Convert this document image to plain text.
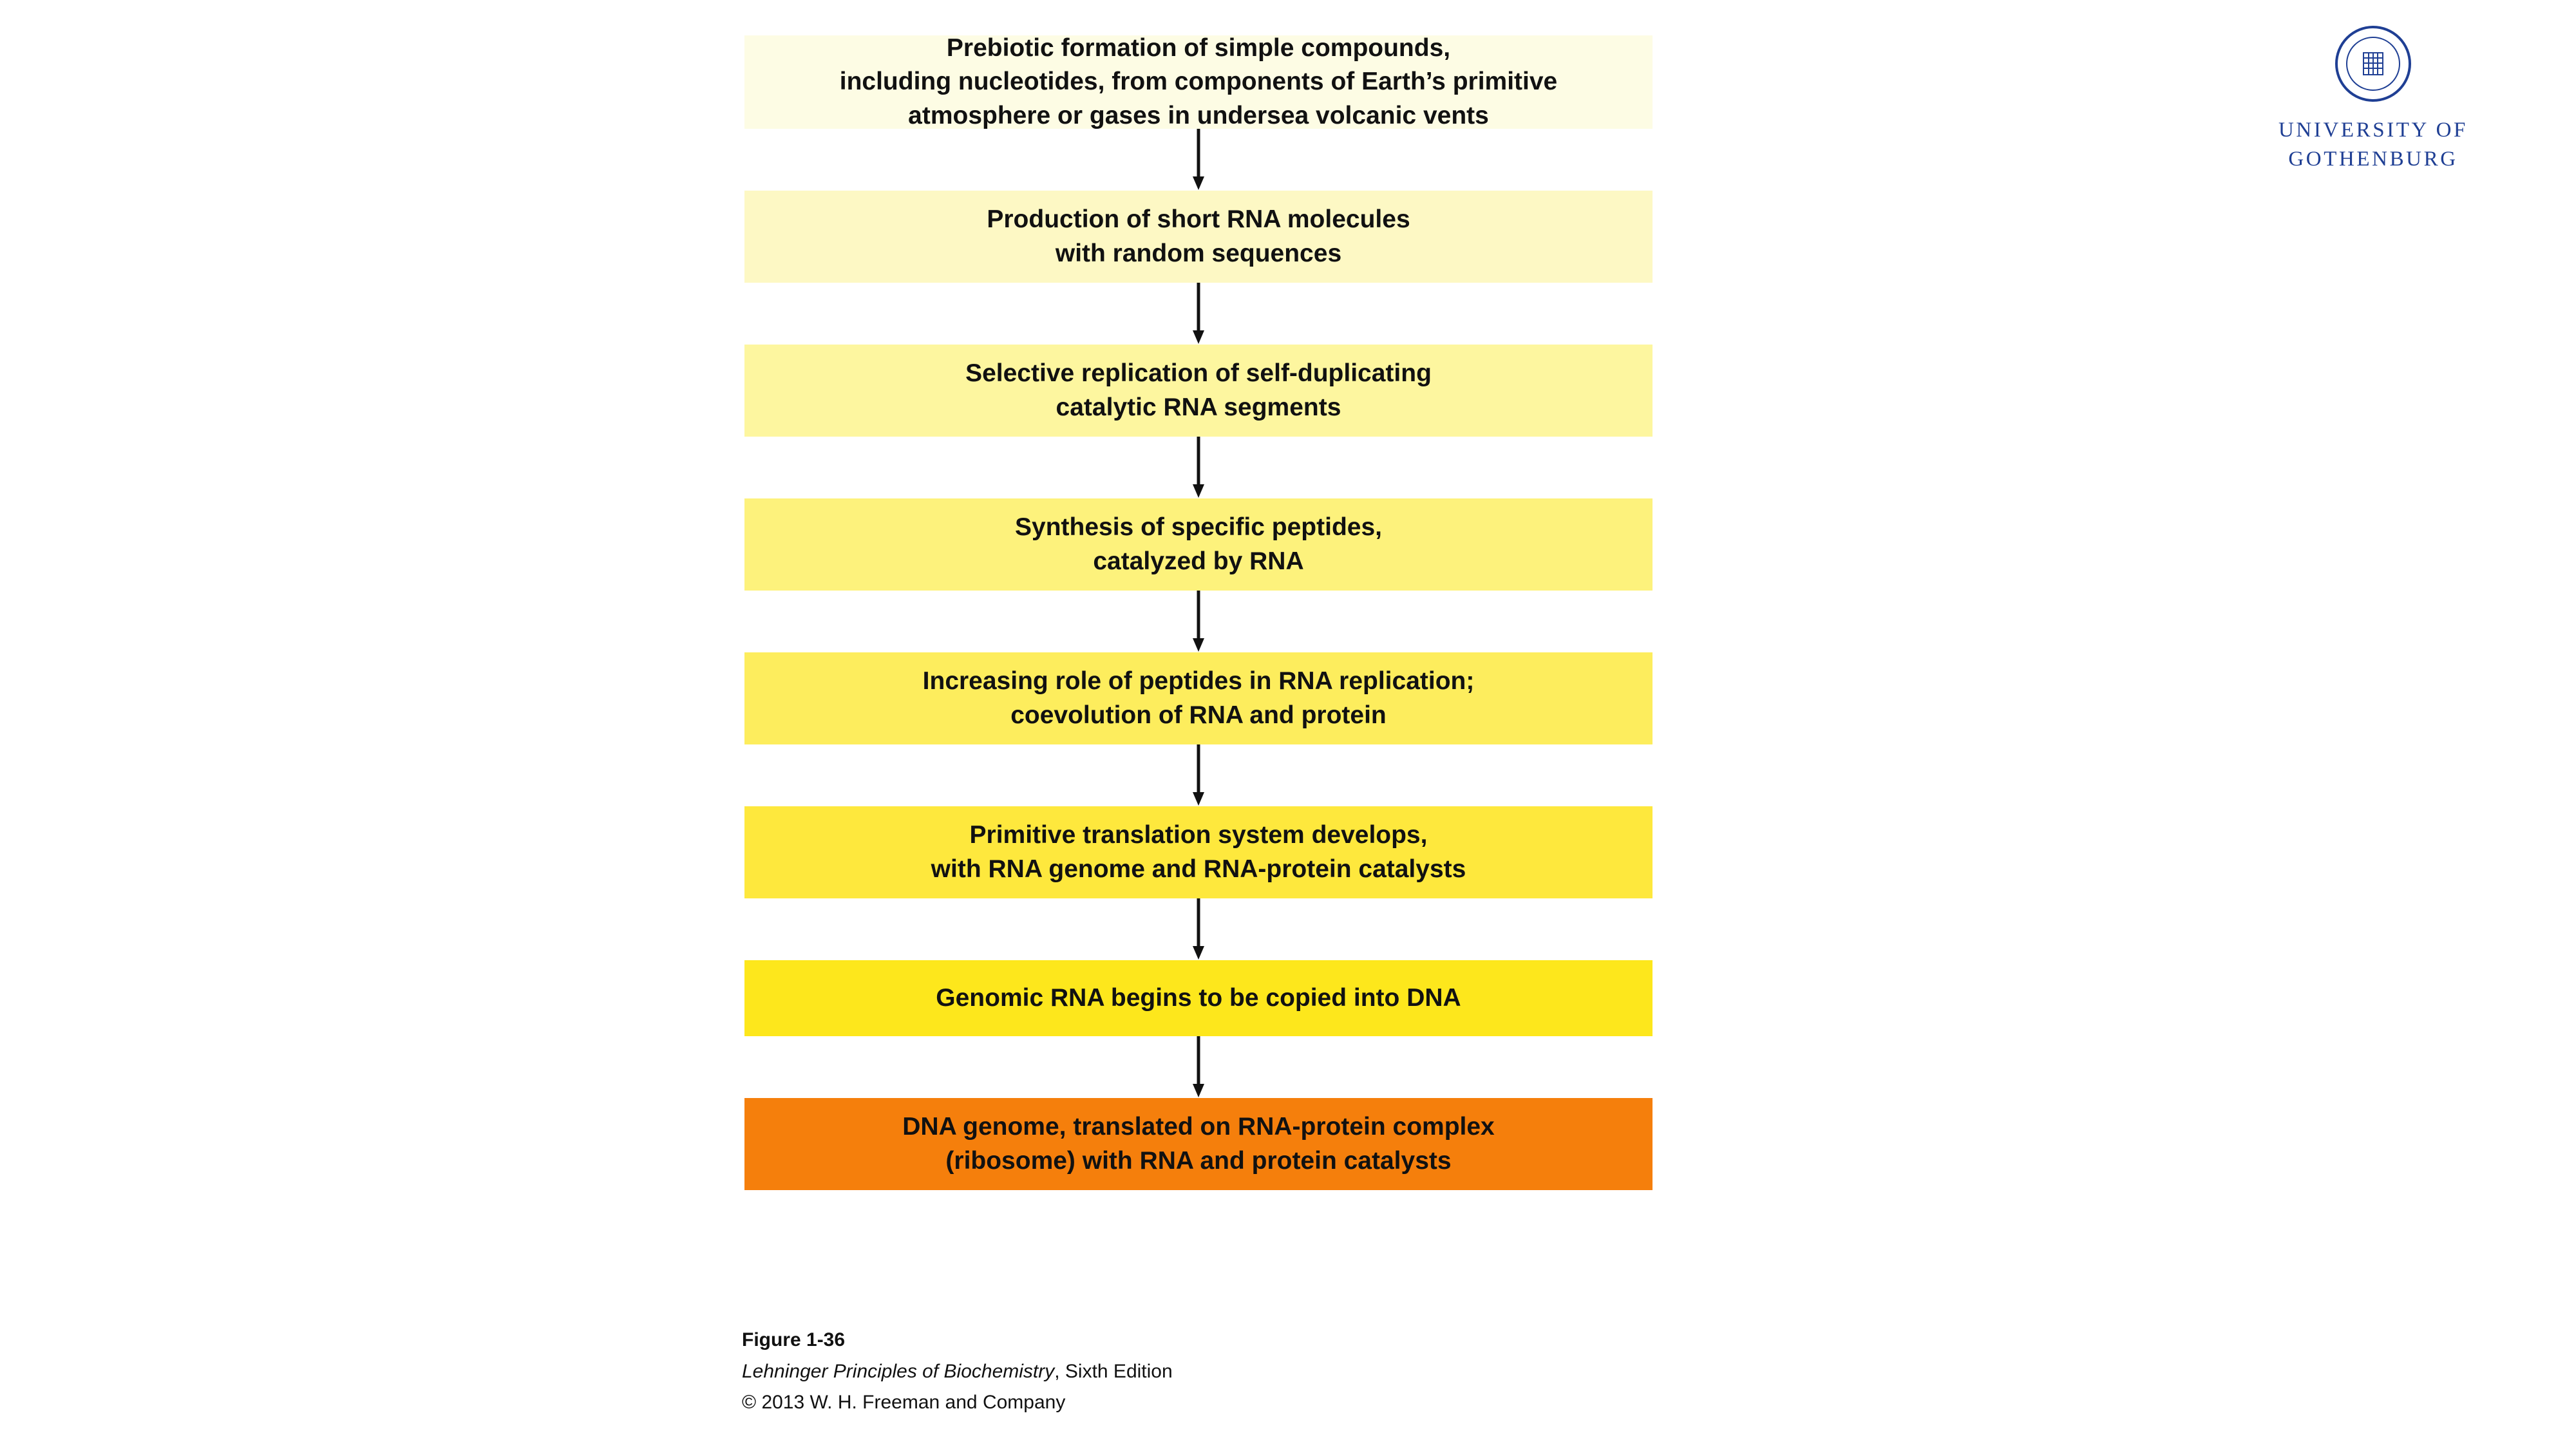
UNIVERSITY OF
GOTHENBURG
Prebiotic formation of simple compounds,
including nucleotides, from components of Earth’s primitive
atmosphere or gases in undersea volcanic vents
Production of short RNA molecules
with random sequences
Selective replication of self-duplicating
catalytic RNA segments
Synthesis of specific peptides,
catalyzed by RNA
Increasing role of peptides in RNA replication;
coevolution of RNA and protein
Primitive translation system develops,
with RNA genome and RNA-protein catalysts
Genomic RNA begins to be copied into DNA
DNA genome, translated on RNA-protein complex
(ribosome) with RNA and protein catalysts
Figure 1-36
Lehninger Principles of Biochemistry, Sixth Edition
© 2013 W. H. Freeman and Company
